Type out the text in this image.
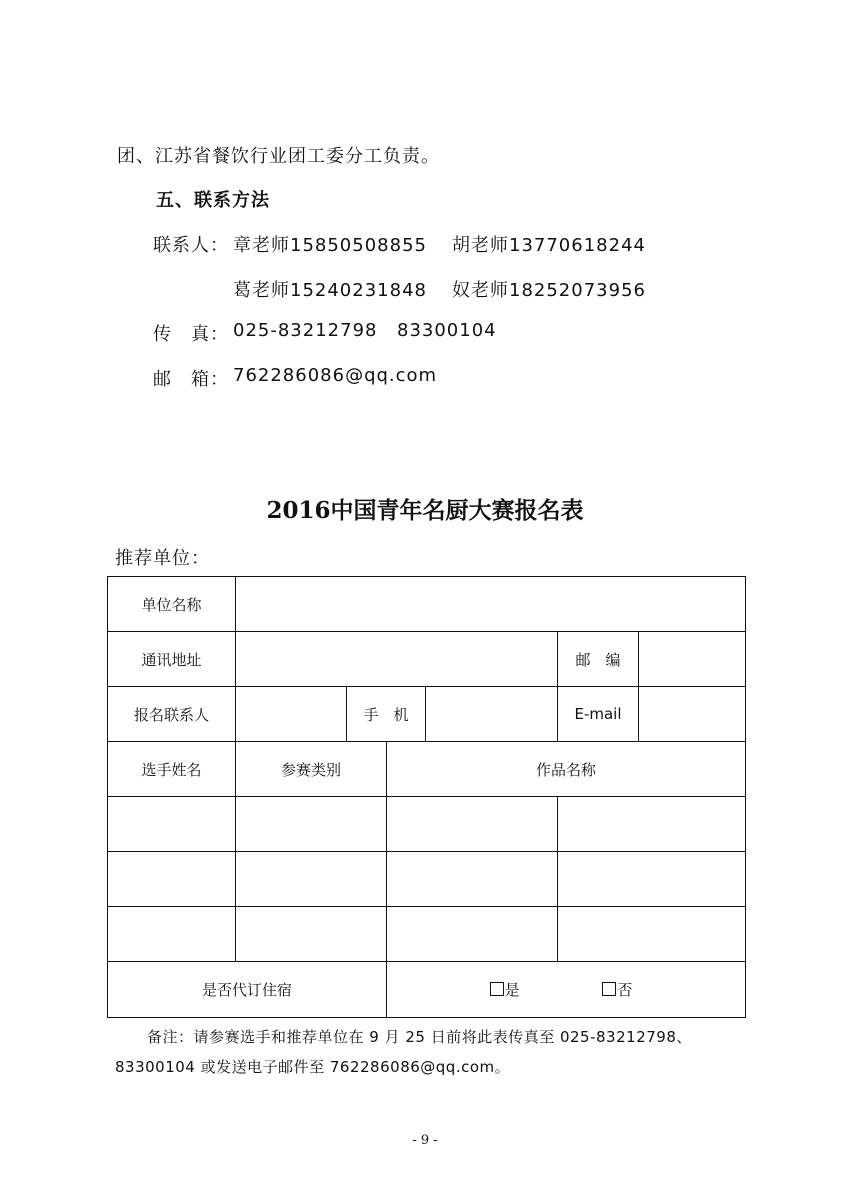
团、江苏省餐饮行业团工委分工负责。
五、联系方法
联系人： 章老师15850508855 胡老师13770618244
葛老师15240231848 奴老师18252073956
传　真： 025-83212798 83300104
邮　箱： 762286086@qq.com
2016中国青年名厨大赛报名表
推荐单位：
单位名称						
通讯地址					邮　编	
报名联系人		手　机			E-mail	
选手姓名	参赛类别		作品名称			

是否代订住宿			是 否			
备注：请参赛选手和推荐单位在 9 月 25 日前将此表传真至 025-83212798、
83300104 或发送电子邮件至 762286086@qq.com。
- 9 -
